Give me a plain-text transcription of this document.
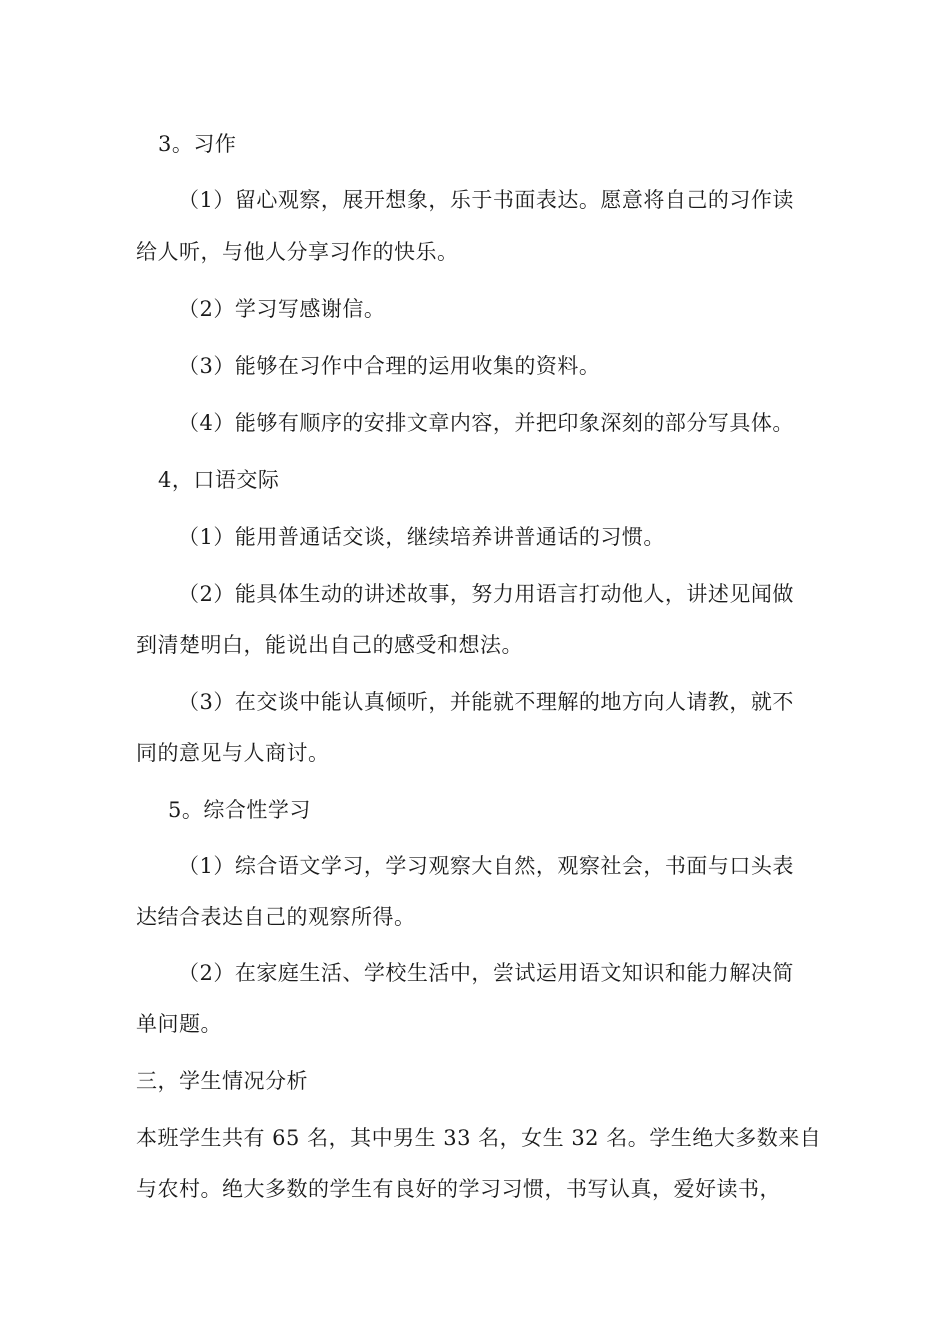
3。习作
（1）留心观察，展开想象，乐于书面表达。愿意将自己的习作读
给人听，与他人分享习作的快乐。
（2）学习写感谢信。
（3）能够在习作中合理的运用收集的资料。
（4）能够有顺序的安排文章内容，并把印象深刻的部分写具体。
4，口语交际
（1）能用普通话交谈，继续培养讲普通话的习惯。
（2）能具体生动的讲述故事，努力用语言打动他人，讲述见闻做
到清楚明白，能说出自己的感受和想法。
（3）在交谈中能认真倾听，并能就不理解的地方向人请教，就不
同的意见与人商讨。
5。综合性学习
（1）综合语文学习，学习观察大自然，观察社会，书面与口头表
达结合表达自己的观察所得。
（2）在家庭生活、学校生活中，尝试运用语文知识和能力解决简
单问题。
三，学生情况分析
本班学生共有 65 名，其中男生 33 名，女生 32 名。学生绝大多数来自
与农村。绝大多数的学生有良好的学习习惯，书写认真，爱好读书，
